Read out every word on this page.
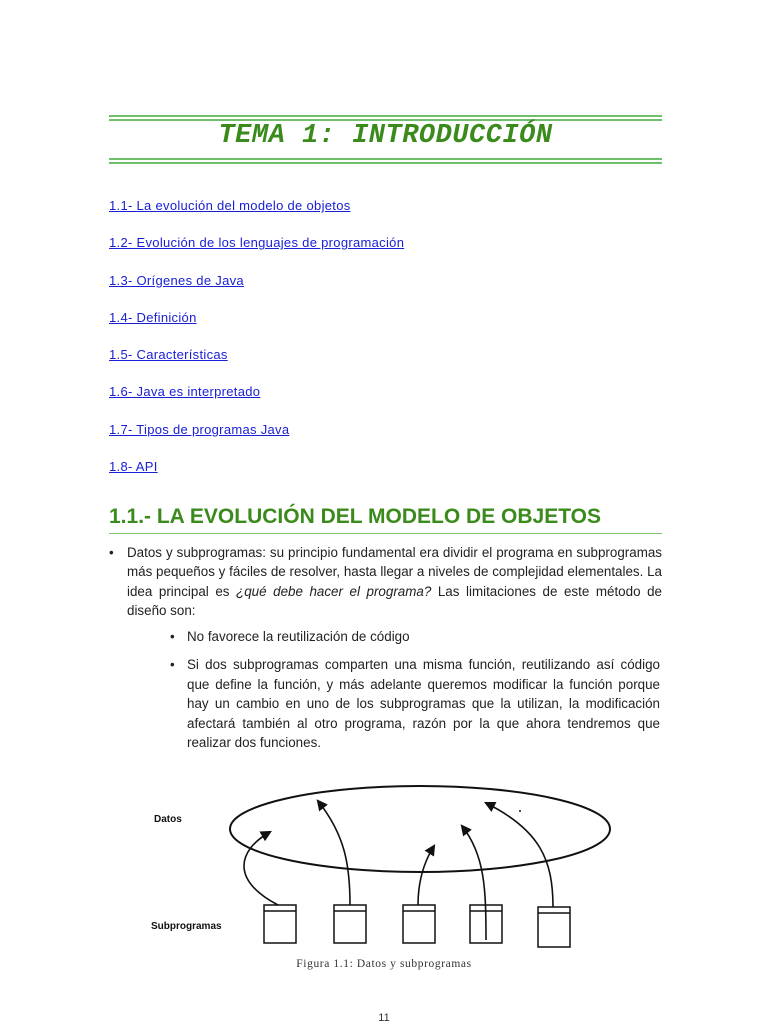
TEMA 1: INTRODUCCIÓN
1.1- La evolución del modelo de objetos
1.2- Evolución de los lenguajes de programación
1.3- Orígenes de Java
1.4- Definición
1.5- Características
1.6- Java es interpretado
1.7- Tipos de programas Java
1.8- API
1.1.- LA EVOLUCIÓN DEL MODELO DE OBJETOS
• Datos y subprogramas: su principio fundamental era dividir el programa en subprogramas más pequeños y fáciles de resolver, hasta llegar a niveles de complejidad elementales. La idea principal es ¿qué debe hacer el programa? Las limitaciones de este método de diseño son:
• No favorece la reutilización de código
• Si dos subprogramas comparten una misma función, reutilizando así código que define la función, y más adelante queremos modificar la función porque hay un cambio en uno de los subprogramas que la utilizan, la modificación afectará también al otro programa, razón por la que ahora tendremos que realizar dos funciones.
Datos
Subprogramas
Figura 1.1: Datos y subprogramas
11
